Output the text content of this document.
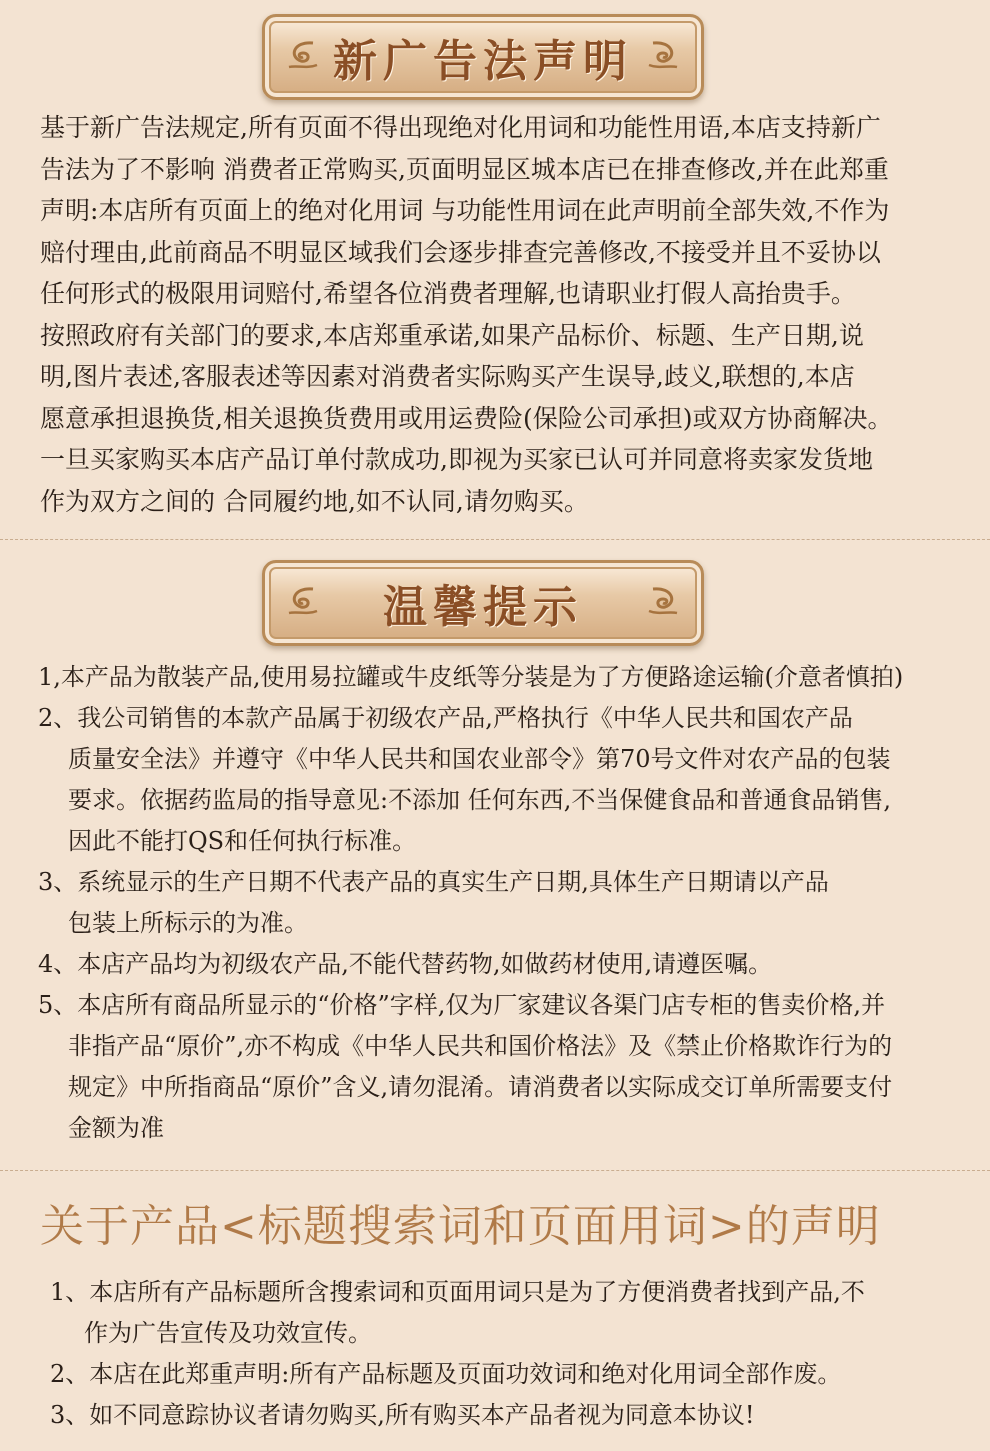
新广告法声明
基于新广告法规定,所有页面不得出现绝对化用词和功能性用语,本店支持新广
告法为了不影响 消费者正常购买,页面明显区城本店已在排查修改,并在此郑重
声明:本店所有页面上的绝对化用词 与功能性用词在此声明前全部失效,不作为
赔付理由,此前商品不明显区域我们会逐步排查完善修改,不接受并且不妥协以
任何形式的极限用词赔付,希望各位消费者理解,也请职业打假人高抬贵手。
按照政府有关部门的要求,本店郑重承诺,如果产品标价、标题、生产日期,说
明,图片表述,客服表述等因素对消费者实际购买产生误导,歧义,联想的,本店
愿意承担退换货,相关退换货费用或用运费险(保险公司承担)或双方协商解决。
一旦买家购买本店产品订单付款成功,即视为买家已认可并同意将卖家发货地
作为双方之间的 合同履约地,如不认同,请勿购买。
温馨提示
1,本产品为散装产品,使用易拉罐或牛皮纸等分装是为了方便路途运输(介意者慎拍)
2、我公司销售的本款产品属于初级农产品,严格执行《中华人民共和国农产品
质量安全法》并遵守《中华人民共和国农业部令》第70号文件对农产品的包装
要求。依据药监局的指导意见:不添加 任何东西,不当保健食品和普通食品销售,
因此不能打QS和任何执行标准。
3、系统显示的生产日期不代表产品的真实生产日期,具体生产日期请以产品
包装上所标示的为准。
4、本店产品均为初级农产品,不能代替药物,如做药材使用,请遵医嘱。
5、本店所有商品所显示的“价格”字样,仅为厂家建议各渠门店专柜的售卖价格,并
非指产品“原价”,亦不构成《中华人民共和国价格法》及《禁止价格欺诈行为的
规定》中所指商品“原价”含义,请勿混淆。请消费者以实际成交订单所需要支付
金额为准
关于产品<标题搜索词和页面用词>的声明
1、本店所有产品标题所含搜索词和页面用词只是为了方便消费者找到产品,不
作为广告宣传及功效宣传。
2、本店在此郑重声明:所有产品标题及页面功效词和绝对化用词全部作废。
3、如不同意踪协议者请勿购买,所有购买本产品者视为同意本协议!
